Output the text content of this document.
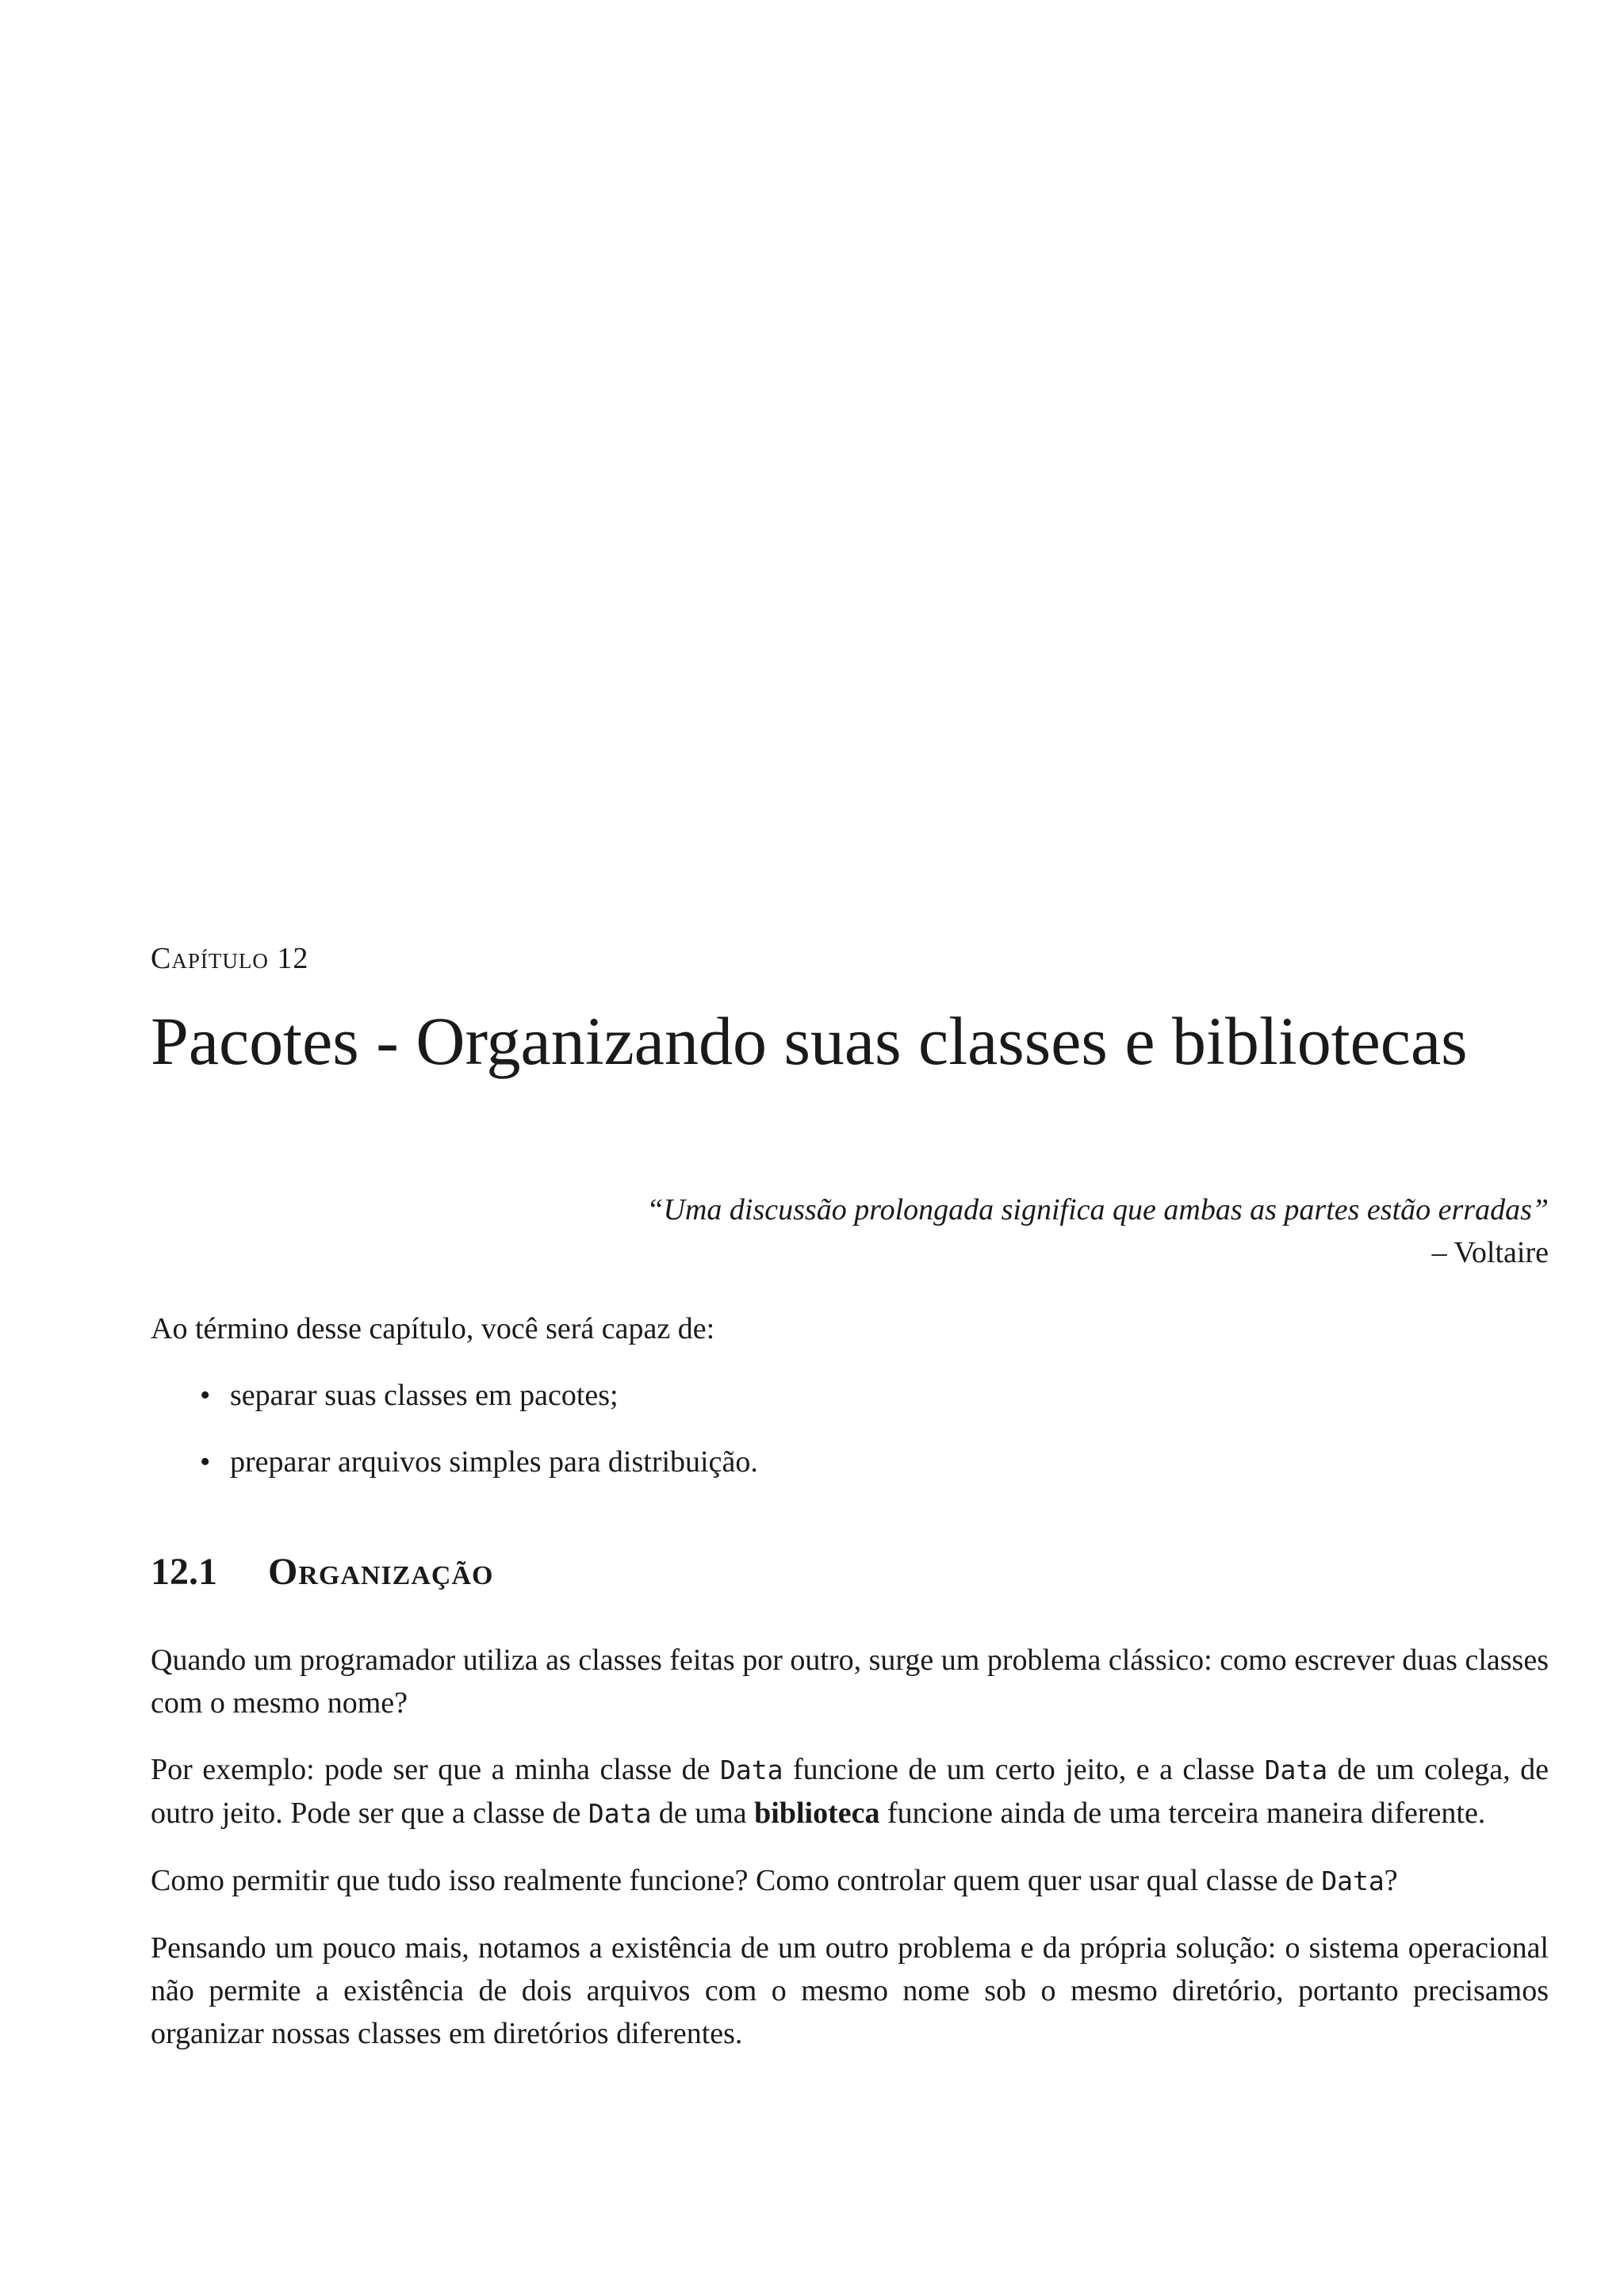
Capítulo 12
Pacotes - Organizando suas classes e bibliotecas
“Uma discussão prolongada significa que ambas as partes estão erradas”
– Voltaire
Ao término desse capítulo, você será capaz de:
• separar suas classes em pacotes;
• preparar arquivos simples para distribuição.
12.1	Organização

Quando um programador utiliza as classes feitas por outro, surge um problema clássico: como escrever duas classes com o mesmo nome?

Por exemplo: pode ser que a minha classe de Data funcione de um certo jeito, e a classe Data de um colega, de outro jeito. Pode ser que a classe de Data de uma biblioteca funcione ainda de uma terceira maneira diferente.

Como permitir que tudo isso realmente funcione? Como controlar quem quer usar qual classe de Data?

Pensando um pouco mais, notamos a existência de um outro problema e da própria solução: o sistema operacional não permite a existência de dois arquivos com o mesmo nome sob o mesmo diretório, portanto precisamos organizar nossas classes em diretórios diferentes.
